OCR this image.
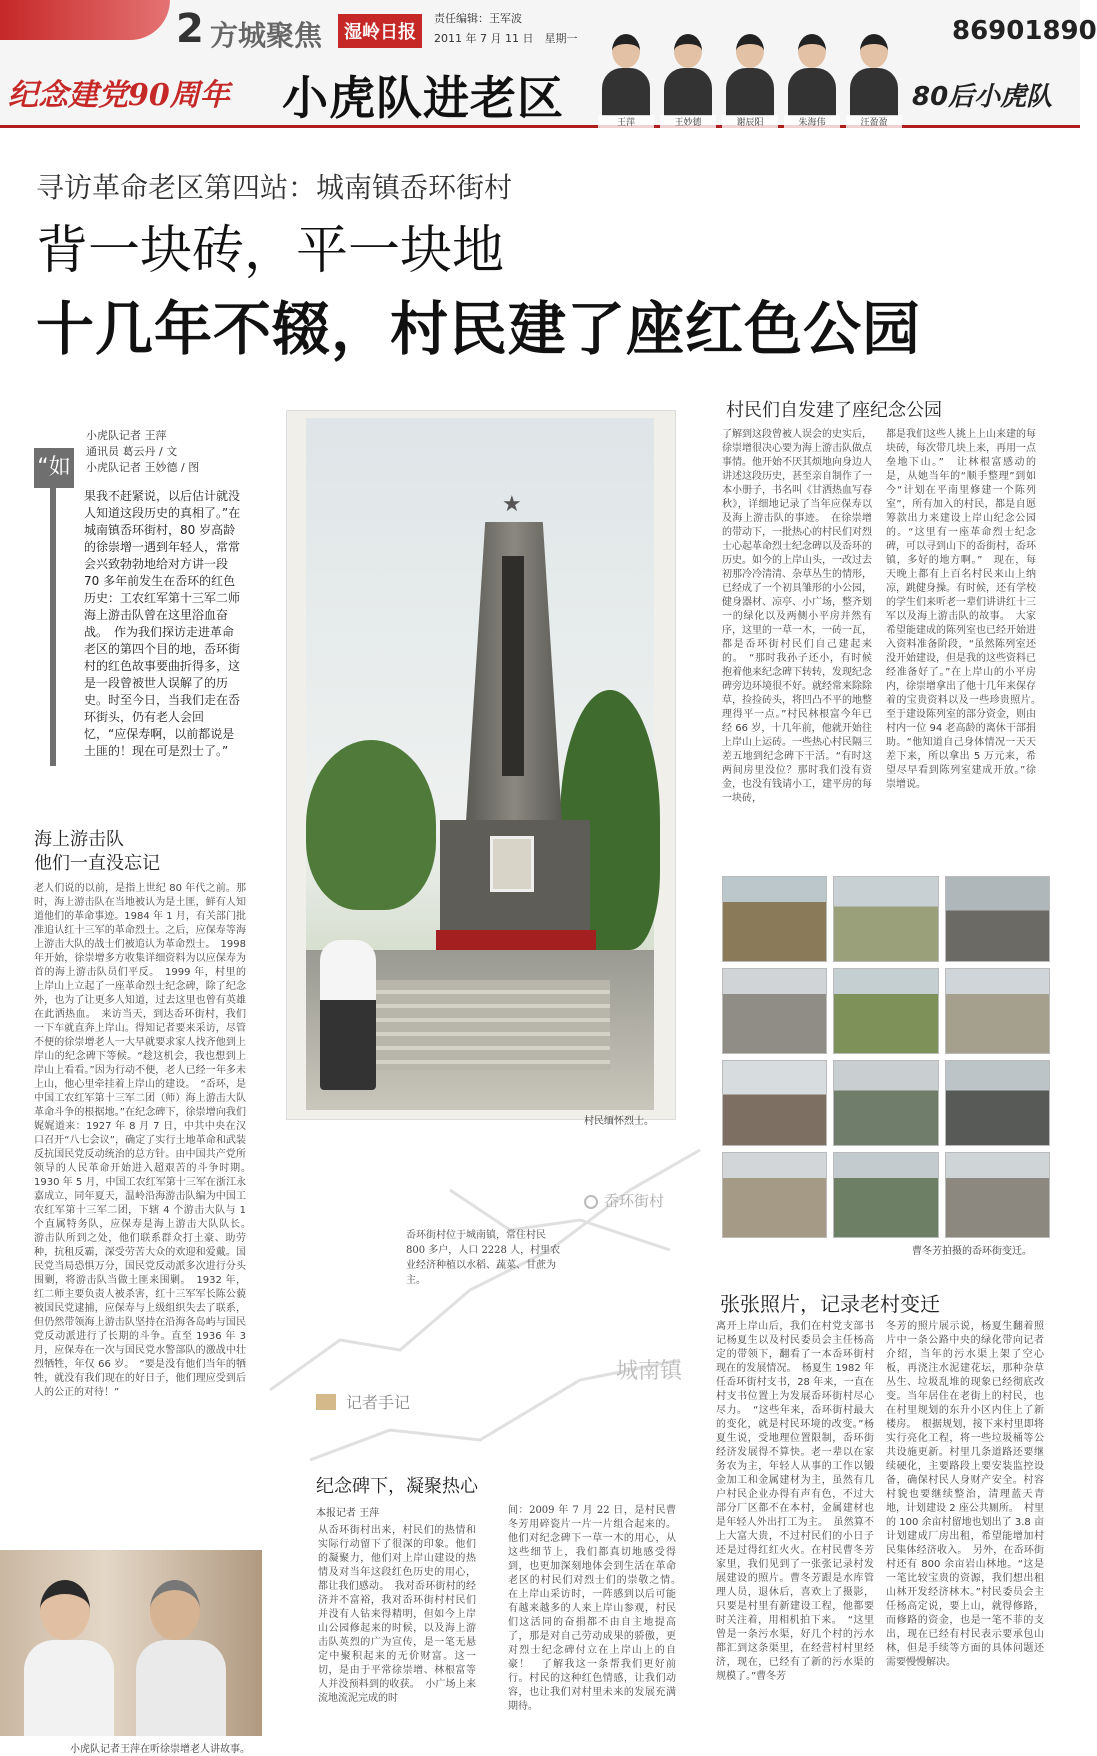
纪念建党90周年
2 方城聚焦	湿岭日报
责任编辑：王军波
2011 年 7 月 11 日　星期一
小虎队进老区
86901890
80后小虎队
王萍	王妙德	谢辰阳	朱海伟	汪盈盈
寻访革命老区第四站：城南镇岙环街村
背一块砖，平一块地
十几年不辍，村民建了座红色公园
小虎队记者 王萍
通讯员 葛云丹 / 文
小虎队记者 王妙德 / 图
“如
果我不赶紧说，以后估计就没人知道这段历史的真相了。”在城南镇岙环街村，80 岁高龄的徐崇增一遇到年轻人，常常会兴致勃勃地给对方讲一段 70 多年前发生在岙环的红色历史：工农红军第十三军二师海上游击队曾在这里浴血奋战。　作为我们探访走进革命老区的第四个目的地，岙环街村的红色故事要曲折得多，这是一段曾被世人误解了的历史。时至今日，当我们走在岙环街头，仍有老人会回忆，“应保寿啊，以前都说是土匪的！现在可是烈士了。”
海上游击队
他们一直没忘记
老人们说的以前，是指上世纪 80 年代之前。那时，海上游击队在当地被认为是土匪，鲜有人知道他们的革命事迹。1984 年 1 月，有关部门批准追认红十三军的革命烈士。之后，应保寿等海上游击大队的战士们被追认为革命烈士。　1998 年开始，徐崇增多方收集详细资料为以应保寿为首的海上游击队员们平反。　1999 年，村里的上岸山上立起了一座革命烈士纪念碑，除了纪念外，也为了让更多人知道，过去这里也曾有英雄在此洒热血。　来访当天，到达岙环街村，我们一下车就直奔上岸山。得知记者要来采访，尽管不便的徐崇增老人一大早就要求家人找齐他到上岸山的纪念碑下等候。“趁这机会，我也想到上岸山上看看。”因为行动不便，老人已经一年多未上山，他心里牵挂着上岸山的建设。　“岙环，是中国工农红军第十三军二团（师）海上游击大队革命斗争的根据地。”在纪念碑下，徐崇增向我们娓娓道来：1927 年 8 月 7 日，中共中央在汉口召开“八七会议”，确定了实行土地革命和武装反抗国民党反动统治的总方针。由中国共产党所领导的人民革命开始进入超艰苦的斗争时期。　1930 年 5 月，中国工农红军第十三军在浙江永嘉成立，同年夏天，温岭沿海游击队编为中国工农红军第十三军二团，下辖 4 个游击大队与 1 个直属特务队，应保寿是海上游击大队队长。　游击队所到之处，他们联系群众打土豪、助劳种，抗租反霸，深受劳苦大众的欢迎和爱戴。国民党当局恐惧万分，国民党反动派多次进行分头围剿，将游击队当做土匪来围剿。　1932 年，红二师主要负责人被杀害，红十三军军长陈公藐被国民党逮捕，应保寿与上级组织失去了联系，但仍然带领海上游击队坚持在沿海各岛屿与国民党反动派进行了长期的斗争。直至 1936 年 3 月，应保寿在一次与国民党水警部队的激战中壮烈牺牲，年仅 66 岁。　“要是没有他们当年的牺牲，就没有我们现在的好日子，他们理应受到后人的公正的对待！”
★
村民缅怀烈士。
村民们自发建了座纪念公园
了解到这段曾被人误会的史实后，徐崇增很决心要为海上游击队做点事情。他开始不厌其烦地向身边人讲述这段历史，甚至亲自制作了一本小册子，书名叫《甘洒热血写春秋》，详细地记录了当年应保寿以及海上游击队的事迹。　在徐崇增的带动下，一批热心的村民们对烈士心起革命烈士纪念碑以及岙环的历史。如今的上岸山头，一改过去初那冷冷清清、杂草丛生的情形，已经成了一个初具雏形的小公园，健身器材、凉亭、小广场，整齐划一的绿化以及两侧小平房并然有序，这里的一草一木，一砖一瓦，都是岙环街村民们自己建起来的。　“那时我孙子还小，有时候抱着他来纪念碑下转转，发现纪念碑旁边环境很不好。就经常来除除草，捡捡砖头，将凹凸不平的地整理得平一点。”村民林根富今年已经 66 岁，十几年前，他就开始往上岸山上运砖。一些热心村民隔三差五地到纪念碑下干活。“有时这两间房里没位？那时我们没有资金，也没有钱请小工，建平房的每一块砖，
都是我们这些人挑上上山来建的每块砖，每次带几块上来，再用一点垒地下山。”　让林根富感动的是，从她当年的“顺手整理”到如今“计划在平南里修建一个陈列室”，所有加入的村民，都是自愿筹款出力来建设上岸山纪念公园的。“这里有一座革命烈士纪念碑，可以寻到山下的岙街村，岙环镇，多好的地方啊。”　现在，每天晚上都有上百名村民来山上纳凉，跳健身操。有时候，还有学校的学生们来听老一辈们讲讲红十三军以及海上游击队的故事。　大家希望能建成的陈列室也已经开始进入资料准备阶段，“虽然陈列室还没开始建设，但是我的这些资料已经准备好了。”在上岸山的小平房内，徐崇增拿出了他十几年来保存着的宝贵资料以及一些珍贵照片。　至于建设陈列室的部分资金，则由村内一位 94 老高龄的离休干部捐助。“他知道自己身体情况一天天差下来，所以拿出 5 万元来，希望尽早看到陈列室建成开放。”徐崇增说。
曹冬芳拍摄的岙环街变迁。
岙环街村
城南镇
岙环街村位于城南镇，常住村民 800 多户，人口 2228 人，村里农业经济种植以水稻、蔬菜、甘蔗为主。
记者手记
纪念碑下，凝聚热心
本报记者 王萍
从岙环街村出来，村民们的热情和实际行动留下了很深的印象。他们的凝聚力，他们对上岸山建设的热情及对当年这段红色历史的用心，都让我们感动。　我对岙环街村的经济并不富裕，我对岙环街村村民们并没有人钻来得精明，但如今上岸山公园修起来的时候，以及海上游击队英烈的广为宣传，是一笔无悬定中聚积起来的无价财富。这一切，是由于平常徐崇增、林根富等人并没预料到的收获。　小广场上来流地流泥完成的时
间：2009 年 7 月 22 日，是村民曹冬芳用碎瓷片一片一片组合起来的。他们对纪念碑下一草一木的用心，从这些细节上，我们都真切地感受得到，也更加深刻地体会到生活在革命老区的村民们对烈士们的崇敬之情。　在上岸山采访时，一阵感到以后可能有越来越多的人来上岸山参观，村民们这活同的奋捐都不由自主地提高了，那是对自己劳动成果的骄傲，更对烈士纪念碑付立在上岸山上的自豪！　了解我这一条帮我们更好前行。村民的这种红色情感，让我们动容，也让我们对村里未来的发展充满期待。
张张照片，记录老村变迁
离开上岸山后，我们在村党支部书记杨夏生以及村民委员会主任杨高定的带领下，翻看了一本岙环街村现在的发展情况。　杨夏生 1982 年任岙环街村支书，28 年来，一直在村支书位置上为发展岙环街村尽心尽力。　“这些年来，岙环街村最大的变化，就是村民环境的改变。”杨夏生说，受地理位置限制，岙环街经济发展得不算快。老一辈以在家务农为主，年轻人从事的工作以锻金加工和金属建材为主，虽然有几户村民企业办得有声有色，不过大部分厂区都不在本村，金属建材也是年轻人外出打工为主。　虽然算不上大富大贵，不过村民们的小日子还是过得红红火火。在村民曹冬芳家里，我们见到了一张张记录村发展建设的照片。曹冬芳跟是水库管理人员，退休后，喜欢上了摄影，只要是村里有新建设工程，他都要时关注着，用相机拍下来。　“这里曾是一条污水渠，好几个村的污水都汇到这条渠里，在经营村村里经济，现在，已经有了新的污水渠的规模了。”曹冬芳
冬芳的照片展示说，杨夏生翻着照片中一条公路中央的绿化带向记者介绍，当年的污水渠上架了空心板，再浇注水泥建花坛，那种杂草丛生、垃圾乱堆的现象已经彻底改变。当年居住在老街上的村民，也在村里规划的东升小区内住上了新楼房。　根据规划，接下来村里即将实行亮化工程，将一些垃圾桶等公共设施更新。村里几条道路还要继续硬化，主要路段上要安装监控设备，确保村民人身财产安全。村容村貌也要继续整治，清理蓝天青地，计划建设 2 座公共厕所。　村里的 100 余亩村留地也划出了 3.8 亩计划建成厂房出租，希望能增加村民集体经济收入。　另外，在岙环街村还有 800 余亩岩山林地。“这是一笔比较宝贵的资源，我们想出租山林开发经济林木。”村民委员会主任杨高定说，要上山，就得修路，而修路的资金，也是一笔不菲的支出，现在已经有村民表示要承包山林，但是手续等方面的具体问题还需要慢慢解决。
小虎队记者王萍在听徐崇增老人讲故事。
